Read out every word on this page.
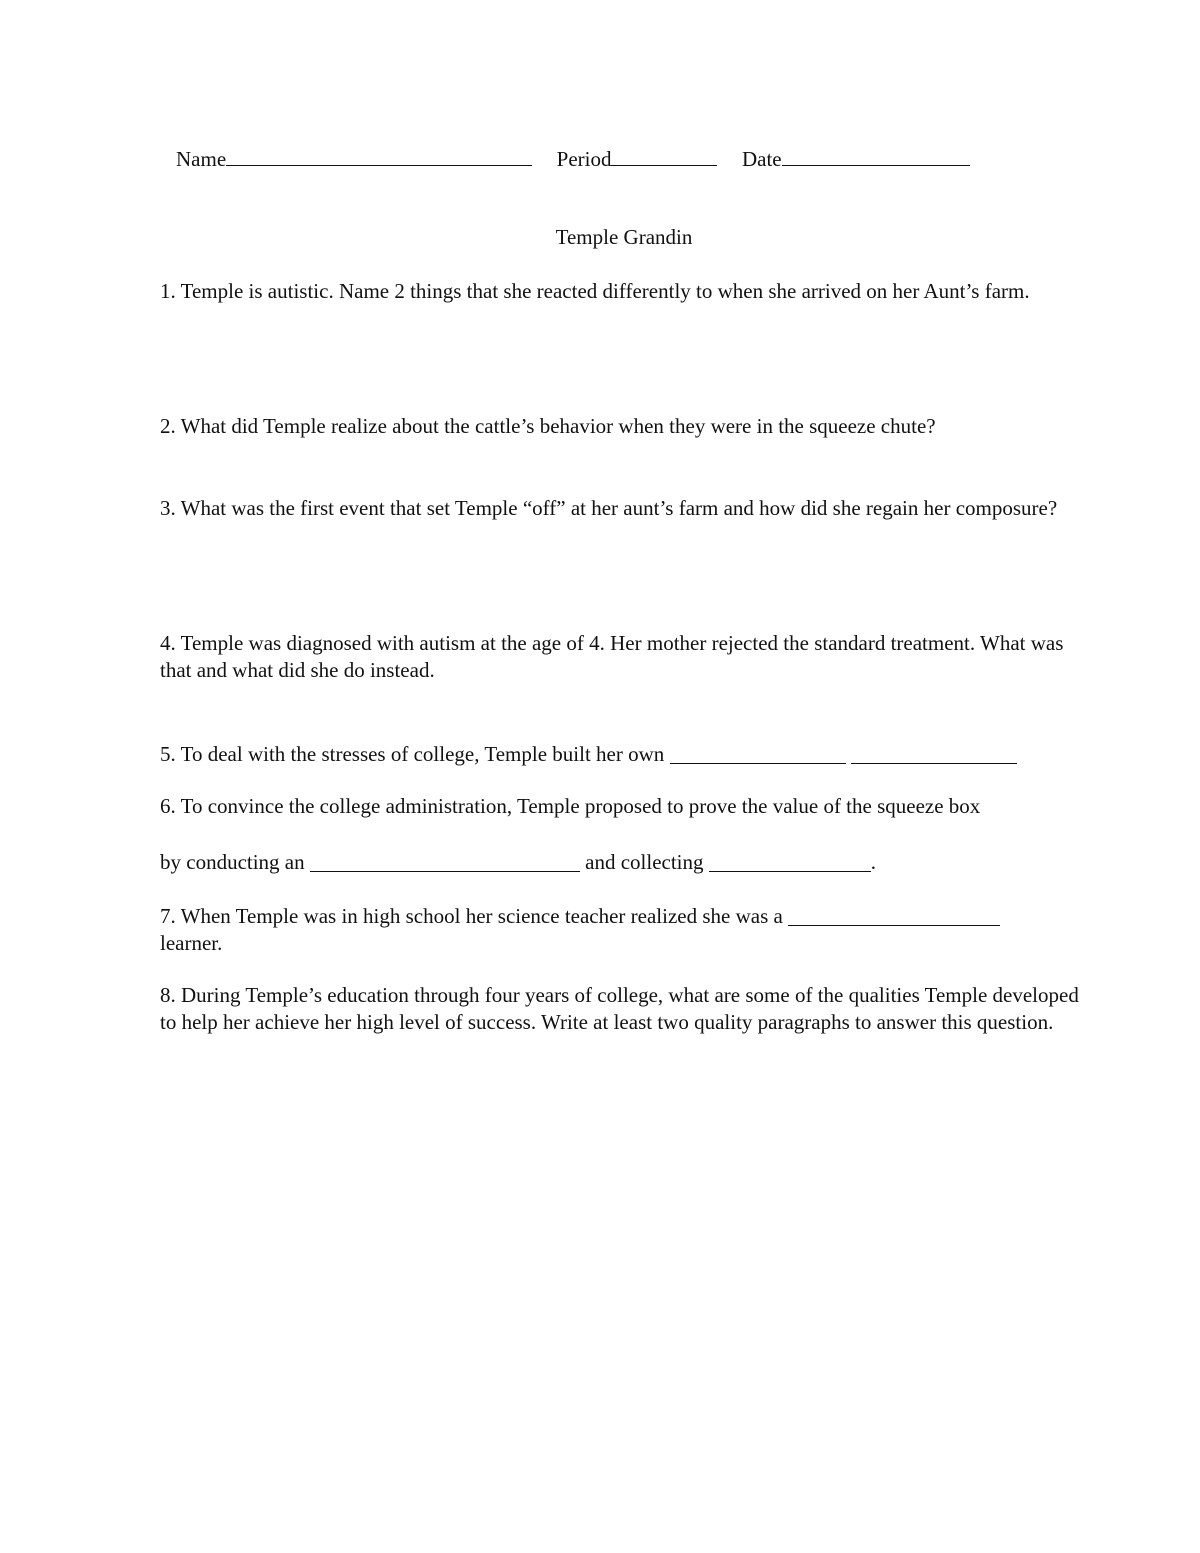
Name	Period	Date
Temple Grandin
1. Temple is autistic. Name 2 things that she reacted differently to when she arrived on her Aunt’s farm.
2. What did Temple realize about the cattle’s behavior when they were in the squeeze chute?
3. What was the first event that set Temple “off” at her aunt’s farm and how did she regain her composure?
4. Temple was diagnosed with autism at the age of 4. Her mother rejected the standard treatment. What was that and what did she do instead.
5. To deal with the stresses of college, Temple built her own
6. To convince the college administration, Temple proposed to prove the value of the squeeze box
by conducting an	and collecting	.
7. When Temple was in high school her science teacher realized she was a
learner.
8. During Temple’s education through four years of college, what are some of the qualities Temple developed to help her achieve her high level of success. Write at least two quality paragraphs to answer this question.
